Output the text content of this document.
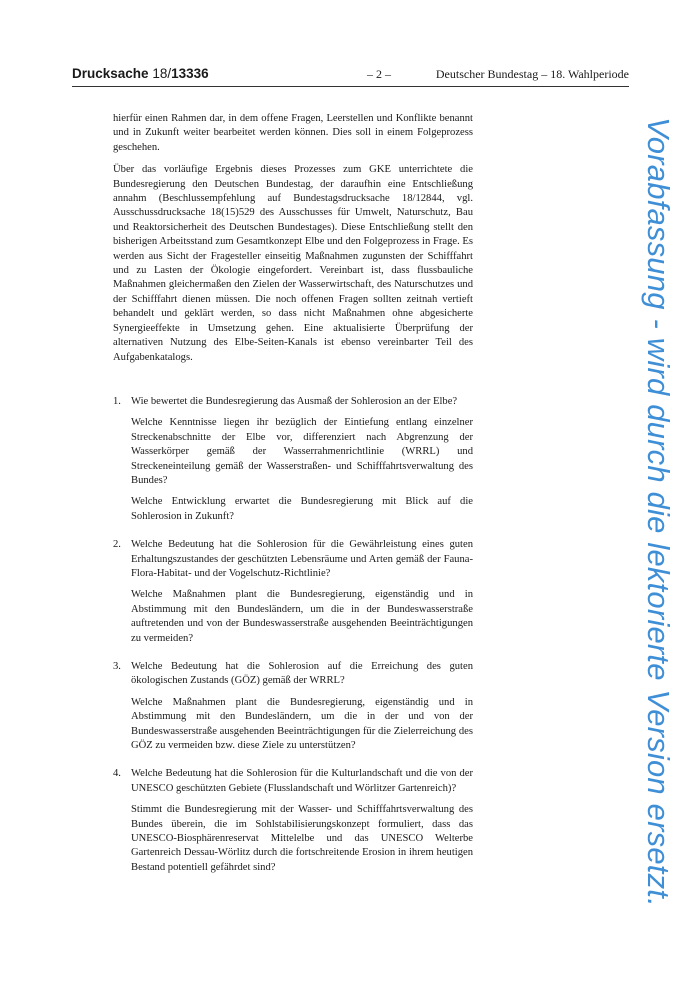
Drucksache 18/13336	– 2 –	Deutscher Bundestag – 18. Wahlperiode

hierfür einen Rahmen dar, in dem offene Fragen, Leerstellen und Konflikte benannt und in Zukunft weiter bearbeitet werden können. Dies soll in einem Folgeprozess geschehen.

Über das vorläufige Ergebnis dieses Prozesses zum GKE unterrichtete die Bundesregierung den Deutschen Bundestag, der daraufhin eine Entschließung annahm (Beschlussempfehlung auf Bundestagsdrucksache 18/12844, vgl. Ausschussdrucksache 18(15)529 des Ausschusses für Umwelt, Naturschutz, Bau und Reaktorsicherheit des Deutschen Bundestages). Diese Entschließung stellt den bisherigen Arbeitsstand zum Gesamtkonzept Elbe und den Folgeprozess in Frage. Es werden aus Sicht der Fragesteller einseitig Maßnahmen zugunsten der Schifffahrt und zu Lasten der Ökologie eingefordert. Vereinbart ist, dass flussbauliche Maßnahmen gleichermaßen den Zielen der Wasserwirtschaft, des Naturschutzes und der Schifffahrt dienen müssen. Die noch offenen Fragen sollten zeitnah vertieft behandelt und geklärt werden, so dass nicht Maßnahmen ohne abgesicherte Synergieeffekte in Umsetzung gehen. Eine aktualisierte Überprüfung der alternativen Nutzung des Elbe-Seiten-Kanals ist ebenso vereinbarter Teil des Aufgabenkatalogs.

1. Wie bewertet die Bundesregierung das Ausmaß der Sohlerosion an der Elbe?

Welche Kenntnisse liegen ihr bezüglich der Eintiefung entlang einzelner Streckenabschnitte der Elbe vor, differenziert nach Abgrenzung der Wasserkörper gemäß der Wasserrahmenrichtlinie (WRRL) und Streckeneinteilung gemäß der Wasserstraßen- und Schifffahrtsverwaltung des Bundes?

Welche Entwicklung erwartet die Bundesregierung mit Blick auf die Sohlerosion in Zukunft?

2. Welche Bedeutung hat die Sohlerosion für die Gewährleistung eines guten Erhaltungszustandes der geschützten Lebensräume und Arten gemäß der Fauna-Flora-Habitat- und der Vogelschutz-Richtlinie?

Welche Maßnahmen plant die Bundesregierung, eigenständig und in Abstimmung mit den Bundesländern, um die in der Bundeswasserstraße auftretenden und von der Bundeswasserstraße ausgehenden Beeinträchtigungen zu vermeiden?

3. Welche Bedeutung hat die Sohlerosion auf die Erreichung des guten ökologischen Zustands (GÖZ) gemäß der WRRL?

Welche Maßnahmen plant die Bundesregierung, eigenständig und in Abstimmung mit den Bundesländern, um die in der und von der Bundeswasserstraße ausgehenden Beeinträchtigungen für die Zielerreichung des GÖZ zu vermeiden bzw. diese Ziele zu unterstützen?

4. Welche Bedeutung hat die Sohlerosion für die Kulturlandschaft und die von der UNESCO geschützten Gebiete (Flusslandschaft und Wörlitzer Gartenreich)?

Stimmt die Bundesregierung mit der Wasser- und Schifffahrtsverwaltung des Bundes überein, die im Sohlstabilisierungskonzept formuliert, dass das UNESCO-Biosphärenreservat Mittelelbe und das UNESCO Welterbe Gartenreich Dessau-Wörlitz durch die fortschreitende Erosion in ihrem heutigen Bestand potentiell gefährdet sind?	Vorabfassung - wird durch die lektorierte Version ersetzt.
